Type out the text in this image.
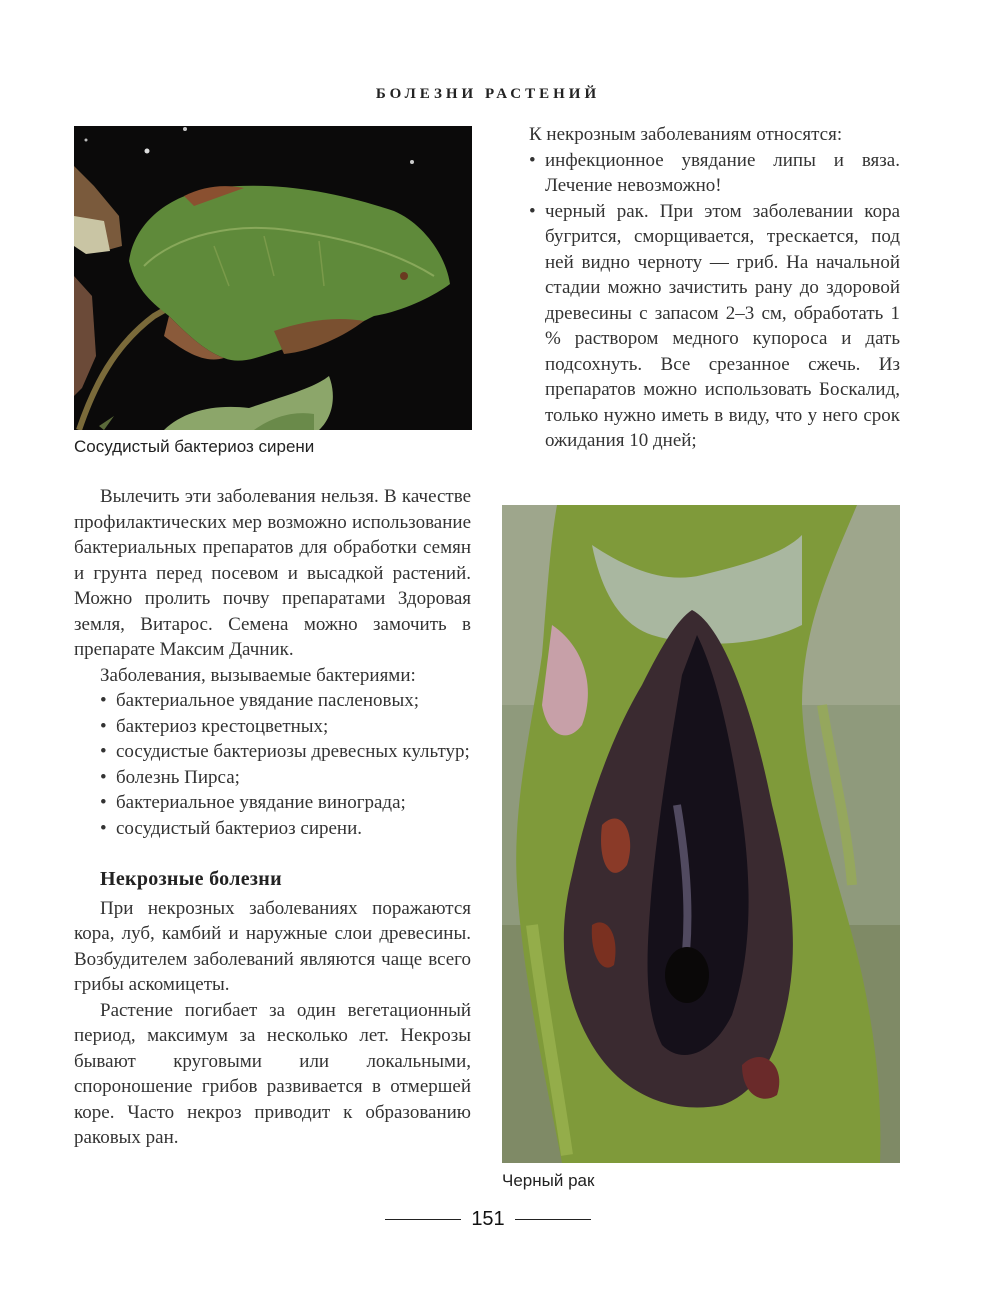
БОЛЕЗНИ РАСТЕНИЙ
Сосудистый бактериоз сирени
Черный рак

К некрозным заболеваниям относятся:

• инфекционное увядание липы и вяза. Лечение невозможно!
• черный рак. При этом заболевании кора бугрится, сморщивается, трескается, под ней видно черноту — гриб. На начальной стадии можно зачистить рану до здоровой древесины с запасом 2–3 см, обработать 1 % раствором медного купороса и дать подсохнуть. Все срезанное сжечь. Из препаратов можно использовать Боскалид, только нужно иметь в виду, что у него срок ожидания 10 дней;

Вылечить эти заболевания нельзя. В качестве профилактических мер возможно использование бактериальных препаратов для обработки семян и грунта перед посевом и высадкой растений. Можно пролить почву препаратами Здоровая земля, Витарос. Семена можно замочить в препарате Максим Дачник.

Заболевания, вызываемые бактериями:

• бактериальное увядание пасленовых;
• бактериоз крестоцветных;
• сосудистые бактериозы древесных культур;
• болезнь Пирса;
• бактериальное увядание винограда;
• сосудистый бактериоз сирени.

Некрозные болезни

При некрозных заболеваниях поражаются кора, луб, камбий и наружные слои древесины. Возбудителем заболеваний являются чаще всего грибы аскомицеты.

Растение погибает за один вегетационный период, максимум за несколько лет. Некрозы бывают круговыми или локальными, спороношение грибов развивается в отмершей коре. Часто некроз приводит к образованию раковых ран.

151
